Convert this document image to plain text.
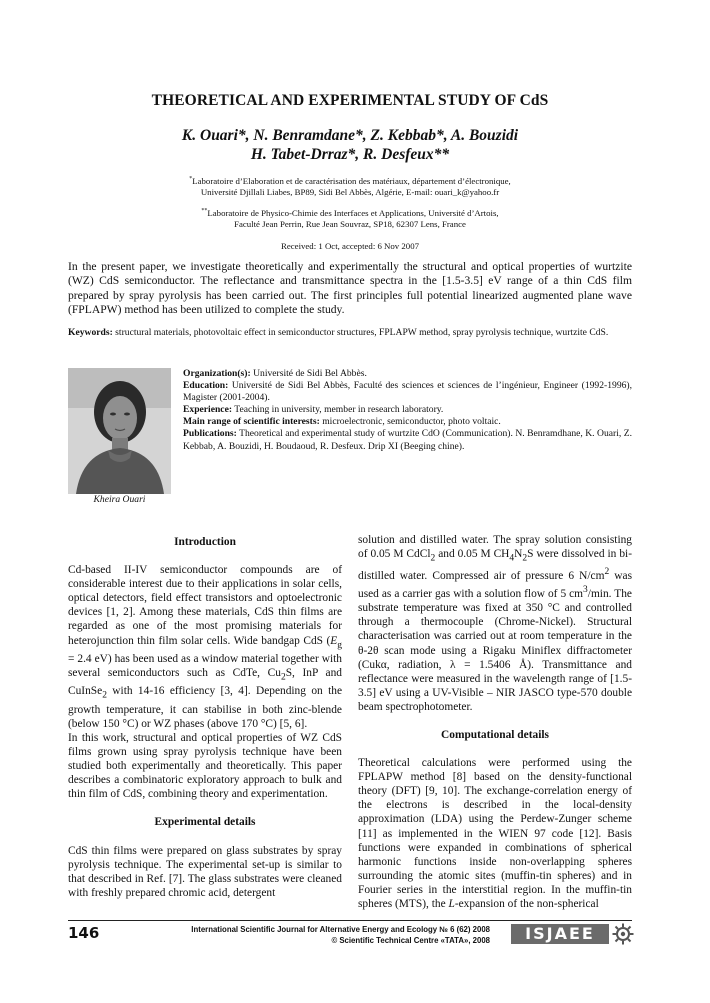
THEORETICAL AND EXPERIMENTAL STUDY OF CdS
K. Ouari*, N. Benramdane*, Z. Kebbab*, A. Bouzidi
H. Tabet-Drraz*, R. Desfeux**
*Laboratoire d’Elaboration et de caractérisation des matériaux, département d’électronique,
Université Djillali Liabes, BP89, Sidi Bel Abbès, Algérie, E-mail: ouari_k@yahoo.fr
**Laboratoire de Physico-Chimie des Interfaces et Applications, Université d’Artois,
Faculté Jean Perrin, Rue Jean Souvraz, SP18, 62307 Lens, France
Received: 1 Oct, accepted: 6 Nov 2007
In the present paper, we investigate theoretically and experimentally the structural and optical properties of wurtzite (WZ) CdS semiconductor. The reflectance and transmittance spectra in the [1.5-3.5] eV range of a thin CdS film prepared by spray pyrolysis has been carried out. The first principles full potential linearized augmented plane wave (FPLAPW) method has been utilized to complete the study.
Keywords: structural materials, photovoltaic effect in semiconductor structures, FPLAPW method, spray pyrolysis technique, wurtzite CdS.
Kheira Ouari

Organization(s): Université de Sidi Bel Abbès.

Education: Université de Sidi Bel Abbès, Faculté des sciences et sciences de l’ingénieur, Engineer (1992-1996), Magister (2001-2004).

Experience: Teaching in university, member in research laboratory.

Main range of scientific interests: microelectronic, semiconductor, photo voltaic.

Publications: Theoretical and experimental study of wurtzite CdO (Communication). N. Benramdhane, K. Ouari, Z. Kebbab, A. Bouzidi, H. Boudaoud, R. Desfeux. Drip XI (Beeging chine).

Introduction

Cd-based II-IV semiconductor compounds are of considerable interest due to their applications in solar cells, optical detectors, field effect transistors and optoelectronic devices [1, 2]. Among these materials, CdS thin films are regarded as one of the most promising materials for heterojunction thin film solar cells. Wide bandgap CdS ($E_g = 2.4$ eV) has been used as a window material together with several semiconductors such as CdTe, $Cu_2S$, InP and CuInSe$_2$ with 14-16 efficiency [3, 4]. Depending on the growth temperature, it can stabilise in both zinc-blende (below 150 °C) or WZ phases (above 170 °C) [5, 6].

In this work, structural and optical properties of WZ CdS films grown using spray pyrolysis technique have been studied both experimentally and theoretically. This paper describes a combinatoric exploratory approach to bulk and thin film of CdS, combining theory and experimentation.

Experimental details

CdS thin films were prepared on glass substrates by spray pyrolysis technique. The experimental set-up is similar to that described in Ref. [7]. The glass substrates were cleaned with freshly prepared chromic acid, detergent

solution and distilled water. The spray solution consisting of 0.05 M CdCl$_2$ and 0.05 M $CH_4N_2S$ were dissolved in bi-distilled water. Compressed air of pressure 6 $N/cm^2$ was used as a carrier gas with a solution flow of 5 $cm^3/\min$. The substrate temperature was fixed at 350 °C and controlled through a thermocouple (Chrome-Nickel). Structural characterisation was carried out at room temperature in the θ-2θ scan mode using a Rigaku Miniflex diffractometer (Cukα, radiation, λ = 1.5406 Å). Transmittance and reflectance were measured in the wavelength range of [1.5-3.5] eV using a UV-Visible – NIR JASCO type-570 double beam spectrophotometer.

Computational details

Theoretical calculations were performed using the FPLAPW method [8] based on the density-functional theory (DFT) [9, 10]. The exchange-correlation energy of the electrons is described in the local-density approximation (LDA) using the Perdew-Zunger scheme [11] as implemented in the WIEN 97 code [12]. Basis functions were expanded in combinations of spherical harmonic functions inside non-overlapping spheres surrounding the atomic sites (muffin-tin spheres) and in Fourier series in the interstitial region. In the muffin-tin spheres (MTS), the L-expansion of the non-spherical

146	International Scientific Journal for Alternative Energy and Ecology № 6 (62) 2008
© Scientific Technical Centre «TATA», 2008	ISJAEE
